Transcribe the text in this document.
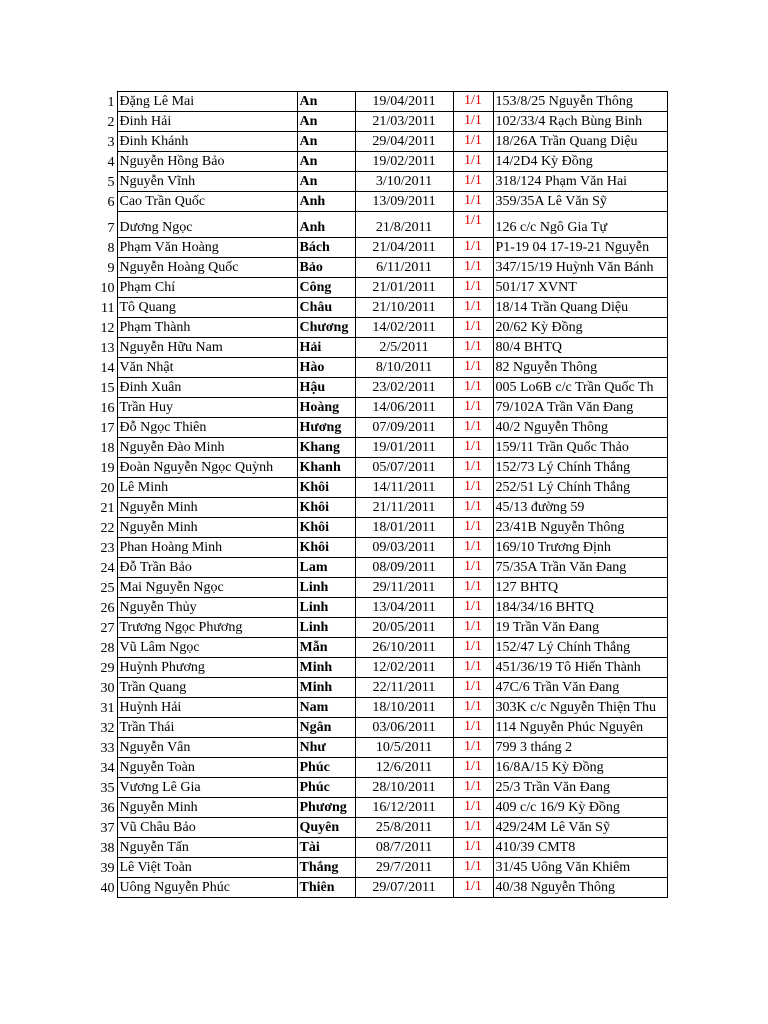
1	Đặng Lê Mai	An	19/04/2011	1/1	153/8/25 Nguyễn Thông
2	Đinh Hải	An	21/03/2011	1/1	102/33/4 Rạch Bùng Binh
3	Đinh Khánh	An	29/04/2011	1/1	18/26A Trần Quang Diệu
4	Nguyễn Hồng Bảo	An	19/02/2011	1/1	14/2D4 Kỳ Đồng
5	Nguyễn Vĩnh	An	3/10/2011	1/1	318/124 Phạm Văn Hai
6	Cao Trần Quốc	Anh	13/09/2011	1/1	359/35A Lê Văn Sỹ
7	Dương Ngọc	Anh	21/8/2011	1/1	126 c/c Ngô Gia Tự
8	Phạm Văn Hoàng	Bách	21/04/2011	1/1	P1-19 04 17-19-21 Nguyễn
9	Nguyễn Hoàng Quốc	Bảo	6/11/2011	1/1	347/15/19 Huỳnh Văn Bánh
10	Phạm Chí	Công	21/01/2011	1/1	501/17 XVNT
11	Tô Quang	Châu	21/10/2011	1/1	18/14 Trần Quang Diệu
12	Phạm Thành	Chương	14/02/2011	1/1	20/62 Kỳ Đồng
13	Nguyễn Hữu Nam	Hải	2/5/2011	1/1	80/4 BHTQ
14	Văn Nhật	Hào	8/10/2011	1/1	82 Nguyễn Thông
15	Đinh Xuân	Hậu	23/02/2011	1/1	005 Lo6B c/c Trần Quốc Th
16	Trần Huy	Hoàng	14/06/2011	1/1	79/102A Trần Văn Đang
17	Đỗ Ngọc Thiên	Hương	07/09/2011	1/1	40/2 Nguyễn Thông
18	Nguyễn Đào Minh	Khang	19/01/2011	1/1	159/11 Trần Quốc Thảo
19	Đoàn Nguyễn Ngọc Quỳnh	Khanh	05/07/2011	1/1	152/73 Lý Chính Thắng
20	Lê Minh	Khôi	14/11/2011	1/1	252/51 Lý Chính Thắng
21	Nguyễn Minh	Khôi	21/11/2011	1/1	45/13 đường 59
22	Nguyễn Minh	Khôi	18/01/2011	1/1	23/41B Nguyễn Thông
23	Phan Hoàng Minh	Khôi	09/03/2011	1/1	169/10 Trương Định
24	Đỗ Trần Bảo	Lam	08/09/2011	1/1	75/35A Trần Văn Đang
25	Mai Nguyễn Ngọc	Linh	29/11/2011	1/1	127 BHTQ
26	Nguyễn Thủy	Linh	13/04/2011	1/1	184/34/16 BHTQ
27	Trương Ngọc Phương	Linh	20/05/2011	1/1	19 Trần Văn Đang
28	Vũ Lâm Ngọc	Mẫn	26/10/2011	1/1	152/47 Lý Chính Thắng
29	Huỳnh Phương	Minh	12/02/2011	1/1	451/36/19 Tô Hiến Thành
30	Trần Quang	Minh	22/11/2011	1/1	47C/6 Trần Văn Đang
31	Huỳnh Hải	Nam	18/10/2011	1/1	303K c/c Nguyễn Thiện Thu
32	Trần Thái	Ngân	03/06/2011	1/1	114 Nguyễn Phúc Nguyên
33	Nguyễn Vân	Như	10/5/2011	1/1	799 3 tháng 2
34	Nguyễn Toàn	Phúc	12/6/2011	1/1	16/8A/15 Kỳ Đồng
35	Vương Lê Gia	Phúc	28/10/2011	1/1	25/3 Trần Văn Đang
36	Nguyễn Minh	Phương	16/12/2011	1/1	409 c/c 16/9 Kỳ Đồng
37	Vũ Châu Bảo	Quyên	25/8/2011	1/1	429/24M Lê Văn Sỹ
38	Nguyễn Tấn	Tài	08/7/2011	1/1	410/39 CMT8
39	Lê Việt Toàn	Thắng	29/7/2011	1/1	31/45 Uông Văn Khiêm
40	Uông Nguyễn Phúc	Thiên	29/07/2011	1/1	40/38 Nguyễn Thông
